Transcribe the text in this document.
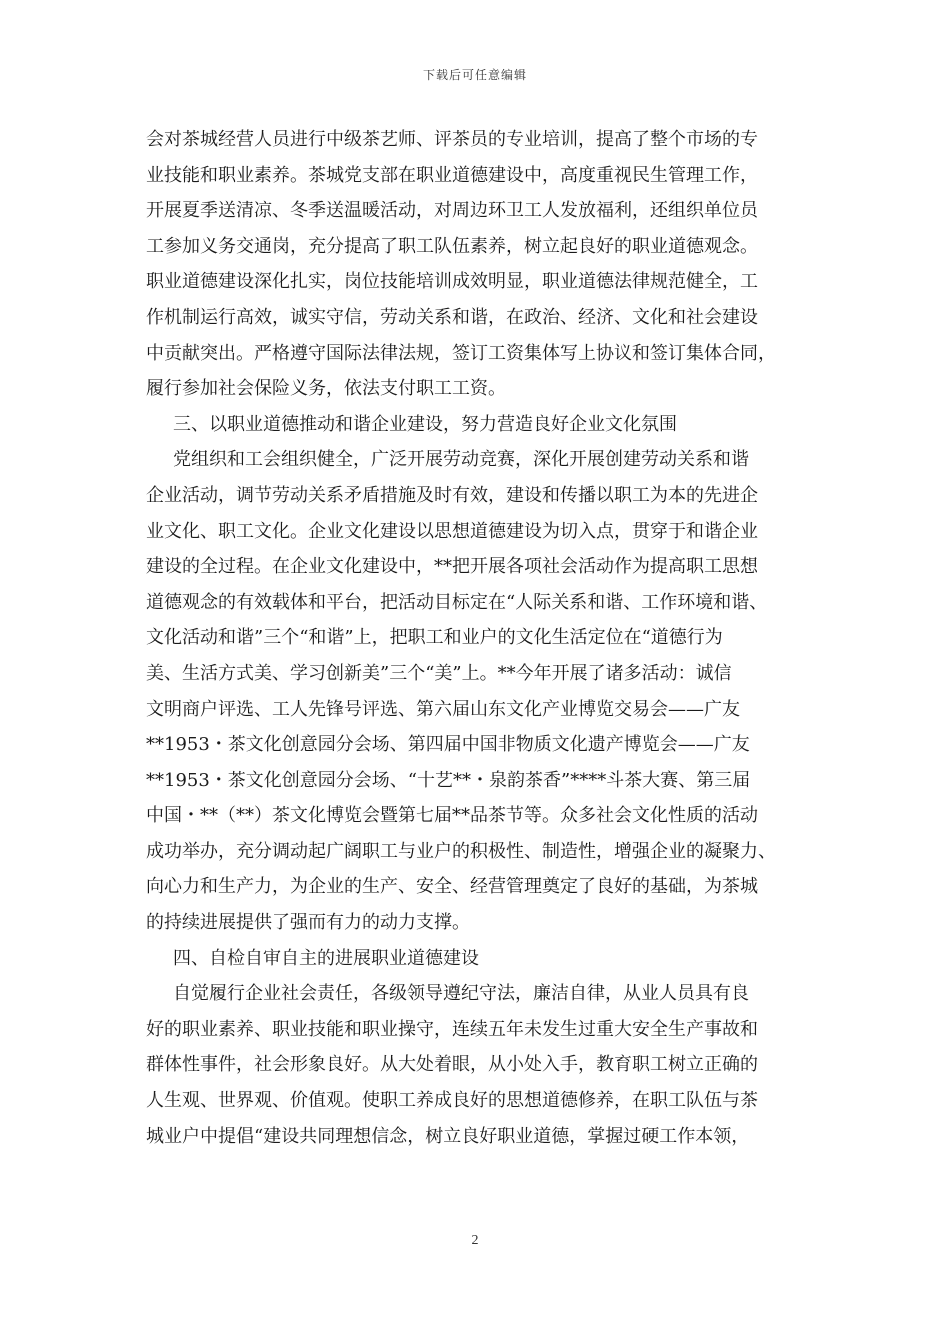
下载后可任意编辑
会对茶城经营人员进行中级茶艺师、评茶员的专业培训，提高了整个市场的专
业技能和职业素养。茶城党支部在职业道德建设中，高度重视民生管理工作，
开展夏季送清凉、冬季送温暖活动，对周边环卫工人发放福利，还组织单位员
工参加义务交通岗，充分提高了职工队伍素养，树立起良好的职业道德观念。
职业道德建设深化扎实，岗位技能培训成效明显，职业道德法律规范健全，工
作机制运行高效，诚实守信，劳动关系和谐，在政治、经济、文化和社会建设
中贡献突出。严格遵守国际法律法规，签订工资集体写上协议和签订集体合同，
履行参加社会保险义务，依法支付职工工资。
三、以职业道德推动和谐企业建设，努力营造良好企业文化氛围
党组织和工会组织健全，广泛开展劳动竞赛，深化开展创建劳动关系和谐
企业活动，调节劳动关系矛盾措施及时有效，建设和传播以职工为本的先进企
业文化、职工文化。企业文化建设以思想道德建设为切入点，贯穿于和谐企业
建设的全过程。在企业文化建设中，**把开展各项社会活动作为提高职工思想
道德观念的有效载体和平台，把活动目标定在“人际关系和谐、工作环境和谐、
文化活动和谐”三个“和谐”上，把职工和业户的文化生活定位在“道德行为
美、生活方式美、学习创新美”三个“美”上。**今年开展了诸多活动：诚信
文明商户评选、工人先锋号评选、第六届山东文化产业博览交易会——广友
**1953・茶文化创意园分会场、第四届中国非物质文化遗产博览会——广友
**1953・茶文化创意园分会场、“十艺**・泉韵茶香”****斗茶大赛、第三届
中国・**（**）茶文化博览会暨第七届**品茶节等。众多社会文化性质的活动
成功举办，充分调动起广阔职工与业户的积极性、制造性，增强企业的凝聚力、
向心力和生产力，为企业的生产、安全、经营管理奠定了良好的基础，为茶城
的持续进展提供了强而有力的动力支撑。
四、自检自审自主的进展职业道德建设
自觉履行企业社会责任，各级领导遵纪守法，廉洁自律，从业人员具有良
好的职业素养、职业技能和职业操守，连续五年未发生过重大安全生产事故和
群体性事件，社会形象良好。从大处着眼，从小处入手，教育职工树立正确的
人生观、世界观、价值观。使职工养成良好的思想道德修养，在职工队伍与茶
城业户中提倡“建设共同理想信念，树立良好职业道德，掌握过硬工作本领，
2
